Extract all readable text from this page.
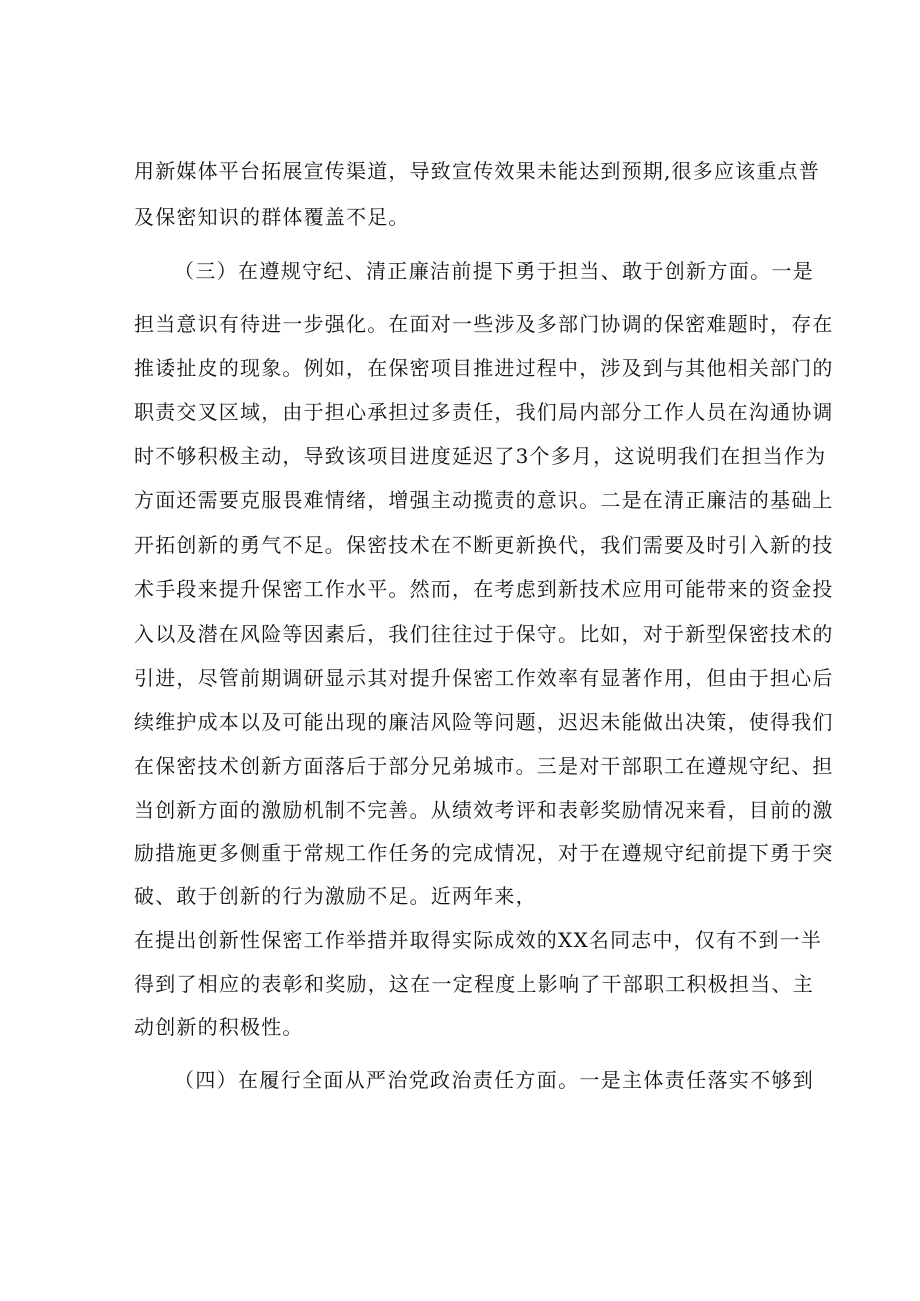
用新媒体平台拓展宣传渠道，导致宣传效果未能达到预期,很多应该重点普
及保密知识的群体覆盖不足。
（三）在遵规守纪、清正廉洁前提下勇于担当、敢于创新方面。一是
担当意识有待进一步强化。在面对一些涉及多部门协调的保密难题时，存在
推诿扯皮的现象。例如，在保密项目推进过程中，涉及到与其他相关部门的
职责交叉区域，由于担心承担过多责任，我们局内部分工作人员在沟通协调
时不够积极主动，导致该项目进度延迟了3个多月，这说明我们在担当作为
方面还需要克服畏难情绪，增强主动揽责的意识。二是在清正廉洁的基础上
开拓创新的勇气不足。保密技术在不断更新换代，我们需要及时引入新的技
术手段来提升保密工作水平。然而，在考虑到新技术应用可能带来的资金投
入以及潜在风险等因素后，我们往往过于保守。比如，对于新型保密技术的
引进，尽管前期调研显示其对提升保密工作效率有显著作用，但由于担心后
续维护成本以及可能出现的廉洁风险等问题，迟迟未能做出决策，使得我们
在保密技术创新方面落后于部分兄弟城市。三是对干部职工在遵规守纪、担
当创新方面的激励机制不完善。从绩效考评和表彰奖励情况来看，目前的激
励措施更多侧重于常规工作任务的完成情况，对于在遵规守纪前提下勇于突
破、敢于创新的行为激励不足。近两年来，
在提出创新性保密工作举措并取得实际成效的XX名同志中，仅有不到一半
得到了相应的表彰和奖励，这在一定程度上影响了干部职工积极担当、主
动创新的积极性。
（四）在履行全面从严治党政治责任方面。一是主体责任落实不够到
